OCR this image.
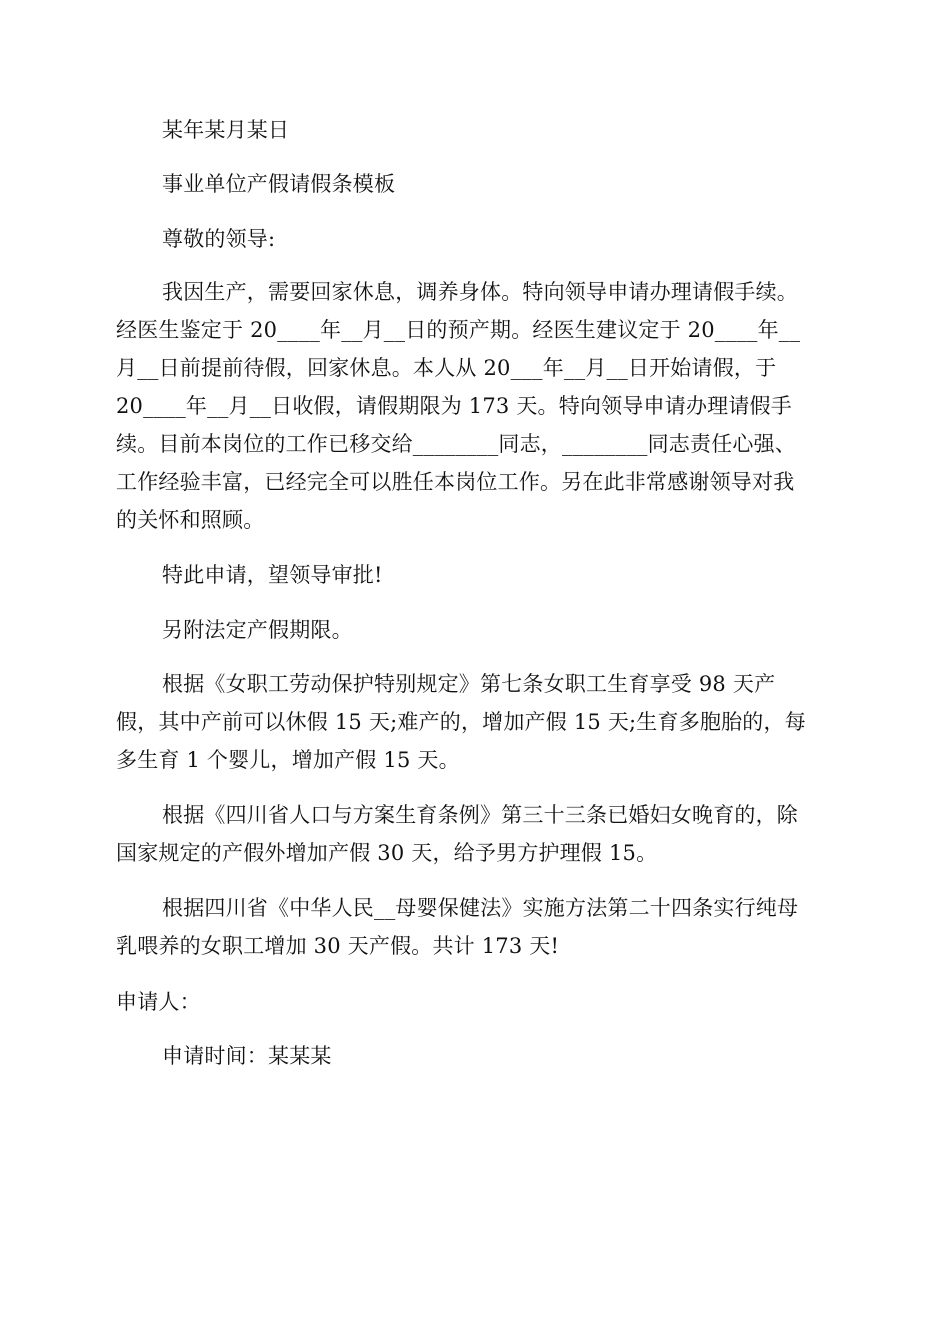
某年某月某日

事业单位产假请假条模板

尊敬的领导:

我因生产，需要回家休息，调养身体。特向领导申请办理请假手续。
经医生鉴定于 20____年__月__日的预产期。经医生建议定于 20____年__
月__日前提前待假，回家休息。本人从 20___年__月__日开始请假，于
20____年__月__日收假，请假期限为 173 天。特向领导申请办理请假手
续。目前本岗位的工作已移交给________同志，________同志责任心强、
工作经验丰富，已经完全可以胜任本岗位工作。另在此非常感谢领导对我
的关怀和照顾。

特此申请，望领导审批!

另附法定产假期限。

根据《女职工劳动保护特别规定》第七条女职工生育享受 98 天产
假，其中产前可以休假 15 天;难产的，增加产假 15 天;生育多胞胎的，每
多生育 1 个婴儿，增加产假 15 天。
根据《四川省人口与方案生育条例》第三十三条已婚妇女晚育的，除
国家规定的产假外增加产假 30 天，给予男方护理假 15。
根据四川省《中华人民__母婴保健法》实施方法第二十四条实行纯母
乳喂养的女职工增加 30 天产假。共计 173 天!

申请人：

申请时间：某某某
